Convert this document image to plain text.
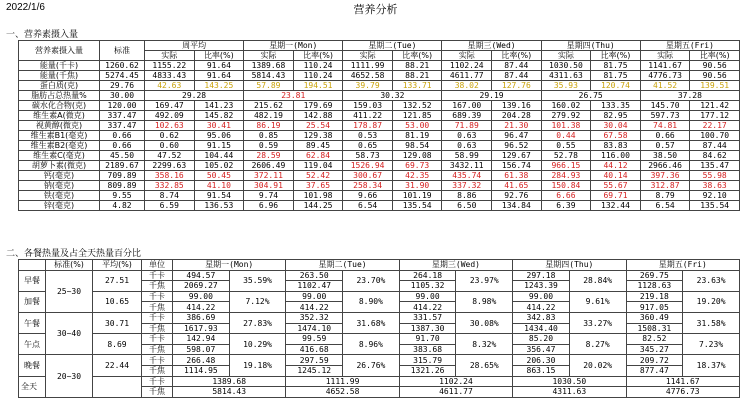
2022/1/6	营养分析
一、营养素摄入量
营养素摄入量	标准	周平均		星期一(Mon)		星期二(Tue)		星期三(Wed)		星期四(Thu)		星期五(Fri)	
		实际	比率(%)	实际	比率(%)	实际	比率(%)	实际	比率(%)	实际	比率(%)	实际	比率(%)
能量(千卡)	1260.62	1155.22	91.64	1389.68	110.24	1111.99	88.21	1102.24	87.44	1030.50	81.75	1141.67	90.56
能量(千焦)	5274.45	4833.43	91.64	5814.43	110.24	4652.58	88.21	4611.77	87.44	4311.63	81.75	4776.73	90.56
蛋白质(克)	29.76	42.63	143.25	57.89	194.51	39.79	133.71	38.02	127.76	35.93	120.74	41.52	139.51
脂肪占总热量%	30.00	29.28		23.81		30.32		29.19		26.75		37.28	
碳水化合物(克)	120.00	169.47	141.23	215.62	179.69	159.03	132.52	167.00	139.16	160.02	133.35	145.70	121.42
维生素A(微克)	337.47	492.09	145.82	482.19	142.88	411.22	121.85	689.39	204.28	279.92	82.95	597.73	177.12
视黄醇(微克)	337.47	102.63	30.41	86.19	25.54	178.87	53.00	71.89	21.30	101.38	30.04	74.81	22.17
维生素B1(毫克)	0.66	0.62	95.06	0.85	129.38	0.53	81.19	0.63	96.47	0.44	67.58	0.66	100.70
维生素B2(毫克)	0.66	0.60	91.15	0.59	89.45	0.65	98.54	0.63	96.52	0.55	83.83	0.57	87.44
维生素C(毫克)	45.50	47.52	104.44	28.59	62.84	58.73	129.08	58.99	129.67	52.78	116.00	38.50	84.62
胡萝卜素(微克)	2189.67	2299.63	105.02	2606.49	119.04	1526.94	69.73	3432.11	156.74	966.15	44.12	2966.46	135.47
钙(毫克)	709.89	358.16	50.45	372.11	52.42	300.67	42.35	435.74	61.38	284.93	40.14	397.36	55.98
钠(毫克)	809.89	332.85	41.10	304.91	37.65	258.34	31.90	337.32	41.65	150.84	55.67	312.87	38.63
铁(毫克)	9.55	8.74	91.54	9.74	101.98	9.66	101.19	8.86	92.76	6.66	69.71	8.79	92.10
锌(毫克)	4.82	6.59	136.53	6.96	144.25	6.54	135.54	6.50	134.84	6.39	132.44	6.54	135.54
二、各餐热量及占全天热量百分比
	标准(%)	平均(%)	单位	星期一(Mon)		星期二(Tue)		星期三(Wed)		星期四(Thu)		星期五(Fri)	
早餐	25~30	27.51	千卡	494.57	35.59%	263.50	23.70%	264.18	23.97%	297.18	28.84%	269.75	23.63%
			千焦	2069.27		1102.47		1105.32		1243.39		1128.63	
加餐		10.65	千卡	99.00	7.12%	99.00	8.90%	99.00	8.98%	99.00	9.61%	219.18	19.20%
			千焦	414.22		414.22		414.22		414.22		917.05	
午餐	30~40	30.71	千卡	386.69	27.83%	352.32	31.68%	331.57	30.08%	342.83	33.27%	360.49	31.58%
			千焦	1617.93		1474.10		1387.30		1434.40		1508.31	
午点		8.69	千卡	142.94	10.29%	99.59	8.96%	91.70	8.32%	85.20	8.27%	82.52	7.23%
			千焦	598.07		416.68		383.68		356.47		345.27	
晚餐	20~30	22.44	千卡	266.48	19.18%	297.59	26.76%	315.79	28.65%	206.30	20.02%	209.72	18.37%
			千焦	1114.95		1245.12		1321.26		863.15		877.47	
全天			千卡	1389.68		1111.99		1102.24		1030.50		1141.67	
			千焦	5814.43		4652.58		4611.77		4311.63		4776.73	
